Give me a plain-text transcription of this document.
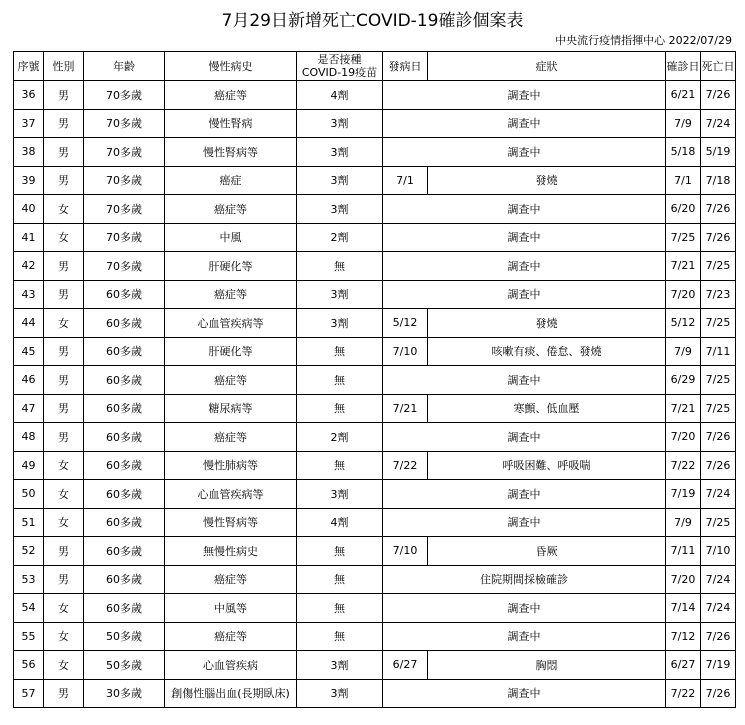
7月29日新增死亡COVID-19確診個案表
中央流行疫情指揮中心 2022/07/29
序號	性別	年齡	慢性病史	是否接種
COVID-19疫苗	發病日	症狀	確診日	死亡日
36	男	70多歲	癌症等	4劑	調查中		6/21	7/26
37	男	70多歲	慢性腎病	3劑	調查中		7/9	7/24
38	男	70多歲	慢性腎病等	3劑	調查中		5/18	5/19
39	男	70多歲	癌症	3劑	7/1	發燒	7/1	7/18
40	女	70多歲	癌症等	3劑	調查中		6/20	7/26
41	女	70多歲	中風	2劑	調查中		7/25	7/26
42	男	70多歲	肝硬化等	無	調查中		7/21	7/25
43	男	60多歲	癌症等	3劑	調查中		7/20	7/23
44	女	60多歲	心血管疾病等	3劑	5/12	發燒	5/12	7/25
45	男	60多歲	肝硬化等	無	7/10	咳嗽有痰、倦怠、發燒	7/9	7/11
46	男	60多歲	癌症等	無	調查中		6/29	7/25
47	男	60多歲	糖尿病等	無	7/21	寒顫、低血壓	7/21	7/25
48	男	60多歲	癌症等	2劑	調查中		7/20	7/26
49	女	60多歲	慢性肺病等	無	7/22	呼吸困難、呼吸喘	7/22	7/26
50	女	60多歲	心血管疾病等	3劑	調查中		7/19	7/24
51	女	60多歲	慢性腎病等	4劑	調查中		7/9	7/25
52	男	60多歲	無慢性病史	無	7/10	昏厥	7/11	7/10
53	男	60多歲	癌症等	無	住院期間採檢確診		7/20	7/24
54	女	60多歲	中風等	無	調查中		7/14	7/24
55	女	50多歲	癌症等	無	調查中		7/12	7/26
56	女	50多歲	心血管疾病	3劑	6/27	胸悶	6/27	7/19
57	男	30多歲	創傷性腦出血(長期臥床)	3劑	調查中		7/22	7/26
